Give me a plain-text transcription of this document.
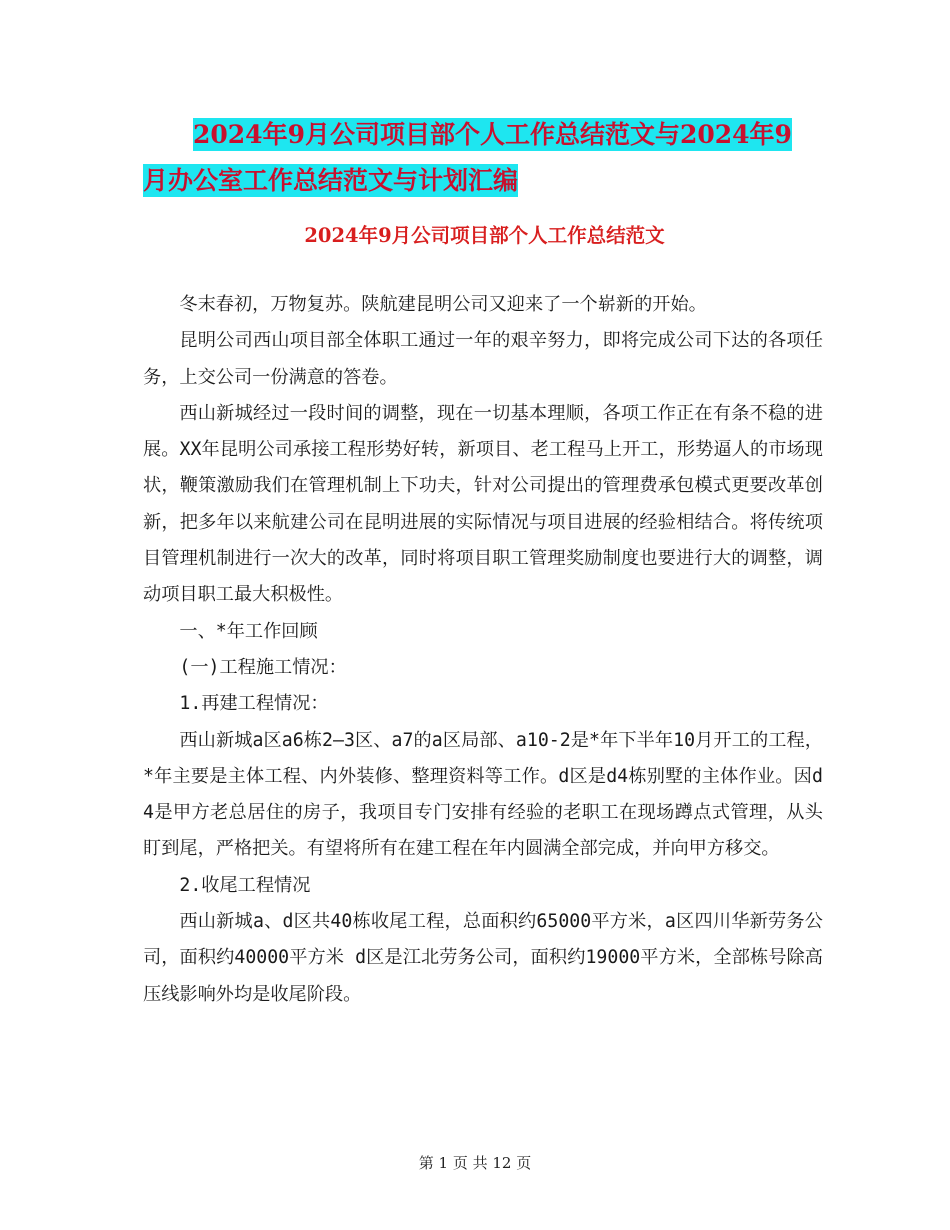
2024年9月公司项目部个人工作总结范文与2024年9
月办公室工作总结范文与计划汇编
2024年9月公司项目部个人工作总结范文

冬末春初，万物复苏。陕航建昆明公司又迎来了一个崭新的开始。

昆明公司西山项目部全体职工通过一年的艰辛努力，即将完成公司下达的各项任务，上交公司一份满意的答卷。

西山新城经过一段时间的调整，现在一切基本理顺，各项工作正在有条不稳的进展。XX年昆明公司承接工程形势好转，新项目、老工程马上开工，形势逼人的市场现状，鞭策激励我们在管理机制上下功夫，针对公司提出的管理费承包模式更要改革创新，把多年以来航建公司在昆明进展的实际情况与项目进展的经验相结合。将传统项目管理机制进行一次大的改革，同时将项目职工管理奖励制度也要进行大的调整，调动项目职工最大积极性。

一、*年工作回顾

(一)工程施工情况：

1.再建工程情况：

西山新城a区a6栋2—3区、a7的a区局部、a10-2是*年下半年10月开工的工程，*年主要是主体工程、内外装修、整理资料等工作。d区是d4栋别墅的主体作业。因d4是甲方老总居住的房子，我项目专门安排有经验的老职工在现场蹲点式管理，从头盯到尾，严格把关。有望将所有在建工程在年内圆满全部完成，并向甲方移交。

2.收尾工程情况

西山新城a、d区共40栋收尾工程，总面积约65000平方米，a区四川华新劳务公司，面积约40000平方米 d区是江北劳务公司，面积约19000平方米，全部栋号除高压线影响外均是收尾阶段。

第 1 页 共 12 页
